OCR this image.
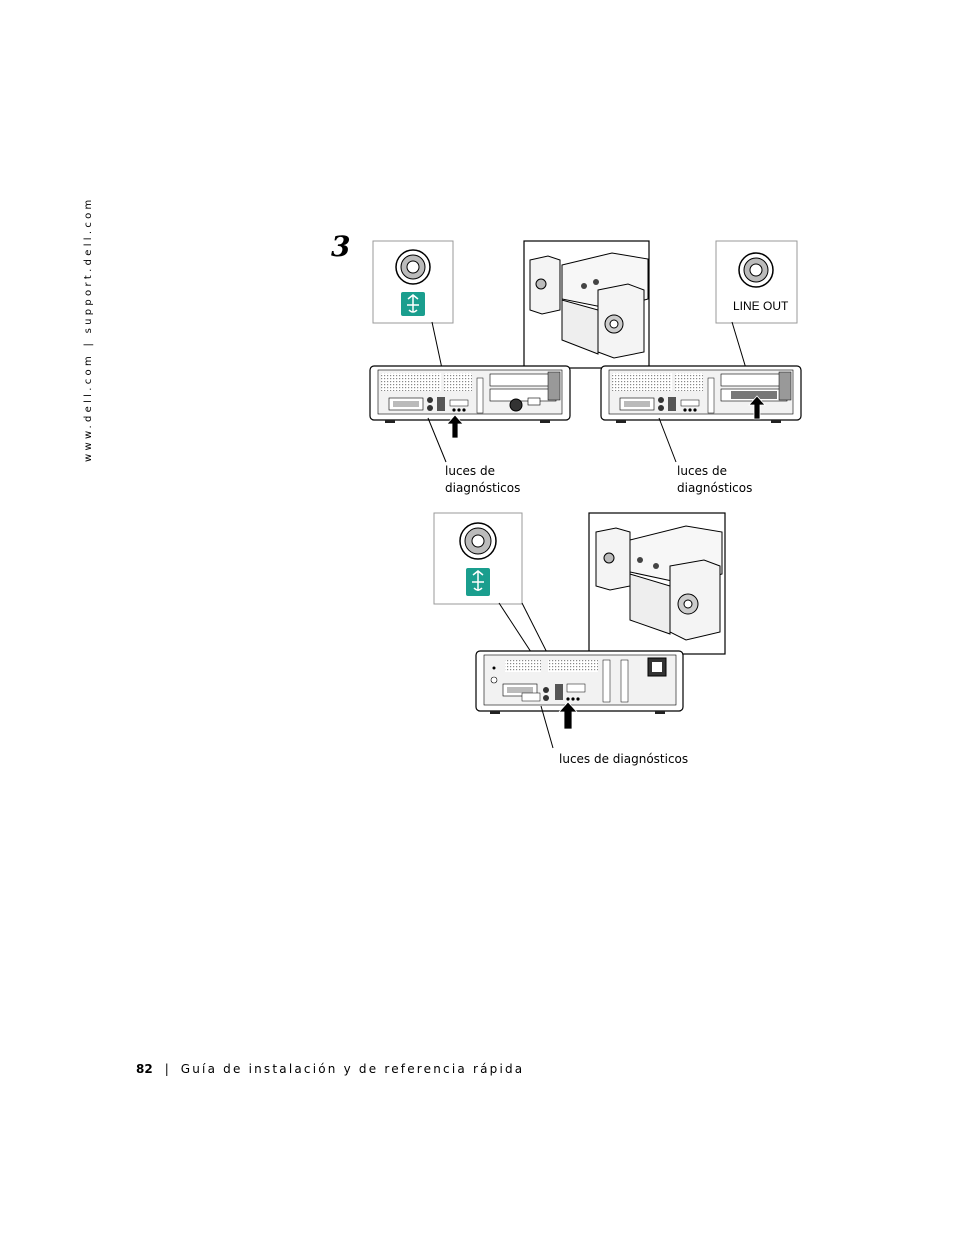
www.dell.com | support.dell.com	3
LINE OUT
luces de
diagnósticos
luces de
diagnósticos
luces de diagnósticos
82 | Guía de instalación y de referencia rápida
